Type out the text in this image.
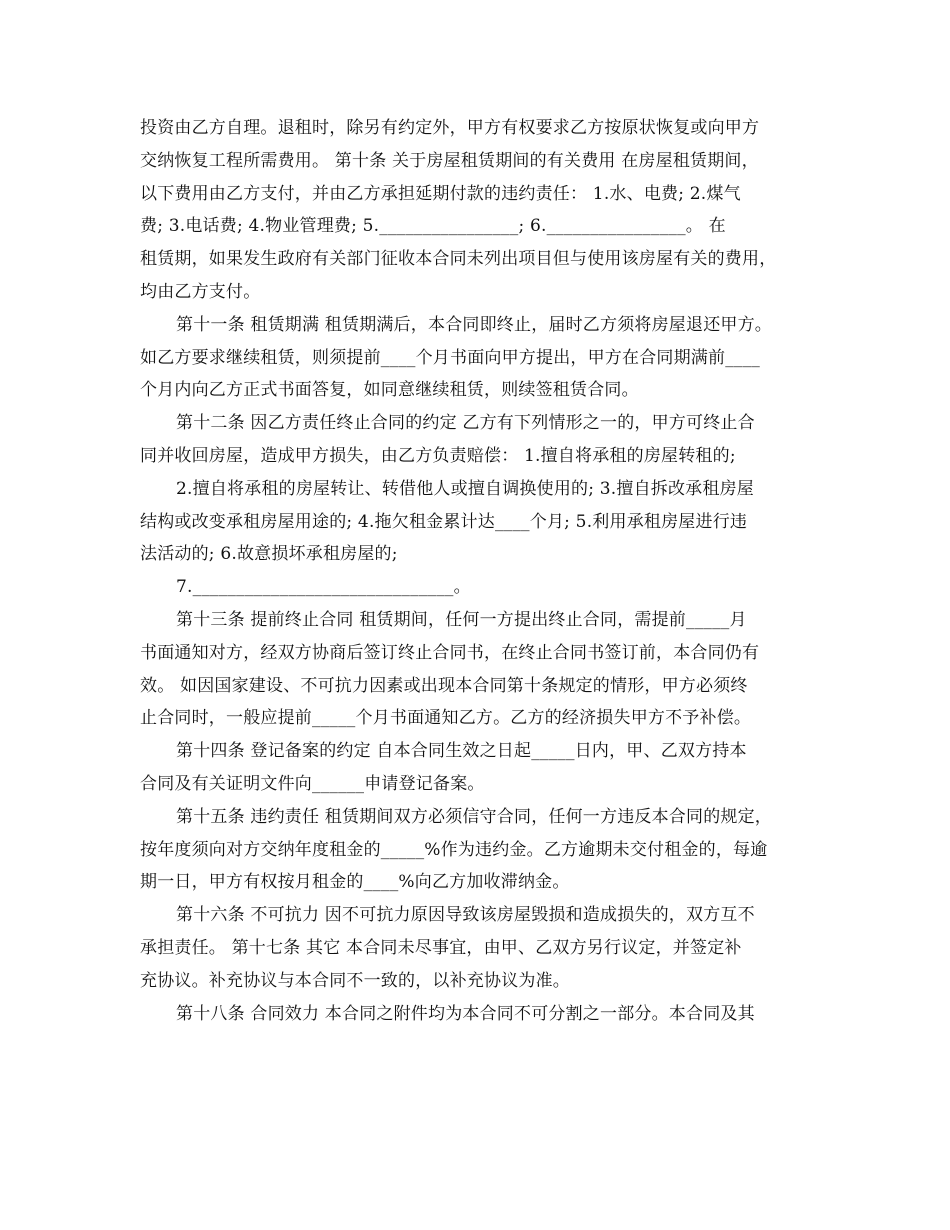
投资由乙方自理。退租时，除另有约定外，甲方有权要求乙方按原状恢复或向甲方
交纳恢复工程所需费用。 第十条 关于房屋租赁期间的有关费用 在房屋租赁期间，
以下费用由乙方支付，并由乙方承担延期付款的违约责任： 1.水、电费; 2.煤气
费; 3.电话费; 4.物业管理费; 5.________________; 6.________________。 在
租赁期，如果发生政府有关部门征收本合同未列出项目但与使用该房屋有关的费用，
均由乙方支付。
第十一条 租赁期满 租赁期满后，本合同即终止，届时乙方须将房屋退还甲方。
如乙方要求继续租赁，则须提前____个月书面向甲方提出，甲方在合同期满前____
个月内向乙方正式书面答复，如同意继续租赁，则续签租赁合同。
第十二条 因乙方责任终止合同的约定 乙方有下列情形之一的，甲方可终止合
同并收回房屋，造成甲方损失，由乙方负责赔偿： 1.擅自将承租的房屋转租的;
2.擅自将承租的房屋转让、转借他人或擅自调换使用的; 3.擅自拆改承租房屋
结构或改变承租房屋用途的; 4.拖欠租金累计达____个月; 5.利用承租房屋进行违
法活动的; 6.故意损坏承租房屋的;
7.______________________________。
第十三条 提前终止合同 租赁期间，任何一方提出终止合同，需提前_____月
书面通知对方，经双方协商后签订终止合同书，在终止合同书签订前，本合同仍有
效。 如因国家建设、不可抗力因素或出现本合同第十条规定的情形，甲方必须终
止合同时，一般应提前_____个月书面通知乙方。乙方的经济损失甲方不予补偿。
第十四条 登记备案的约定 自本合同生效之日起_____日内，甲、乙双方持本
合同及有关证明文件向______申请登记备案。
第十五条 违约责任 租赁期间双方必须信守合同，任何一方违反本合同的规定，
按年度须向对方交纳年度租金的_____%作为违约金。乙方逾期未交付租金的，每逾
期一日，甲方有权按月租金的____%向乙方加收滞纳金。
第十六条 不可抗力 因不可抗力原因导致该房屋毁损和造成损失的，双方互不
承担责任。 第十七条 其它 本合同未尽事宜，由甲、乙双方另行议定，并签定补
充协议。补充协议与本合同不一致的，以补充协议为准。
第十八条 合同效力 本合同之附件均为本合同不可分割之一部分。本合同及其
